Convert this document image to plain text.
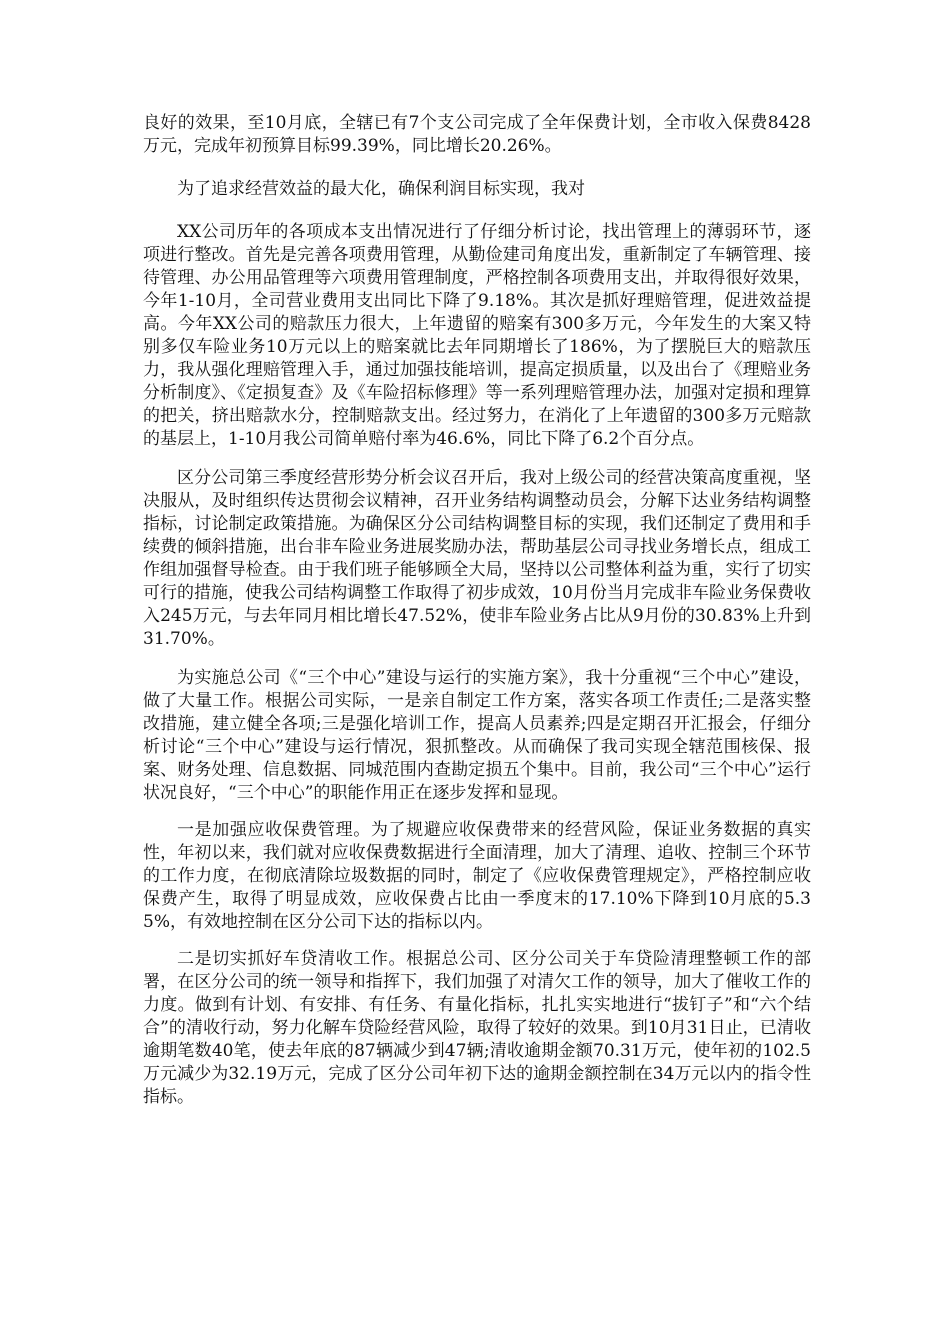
良好的效果，至10月底，全辖已有7个支公司完成了全年保费计划，全市收入保费8428万元，完成年初预算目标99.39%，同比增长20.26%。

为了追求经营效益的最大化，确保利润目标实现，我对

XX公司历年的各项成本支出情况进行了仔细分析讨论，找出管理上的薄弱环节，逐项进行整改。首先是完善各项费用管理，从勤俭建司角度出发，重新制定了车辆管理、接待管理、办公用品管理等六项费用管理制度，严格控制各项费用支出，并取得很好效果，今年1-10月，全司营业费用支出同比下降了9.18%。其次是抓好理赔管理，促进效益提高。今年XX公司的赔款压力很大，上年遗留的赔案有300多万元，今年发生的大案又特别多仅车险业务10万元以上的赔案就比去年同期增长了186%，为了摆脱巨大的赔款压力，我从强化理赔管理入手，通过加强技能培训，提高定损质量，以及出台了《理赔业务分析制度》、《定损复查》及《车险招标修理》等一系列理赔管理办法，加强对定损和理算的把关，挤出赔款水分，控制赔款支出。经过努力，在消化了上年遗留的300多万元赔款的基层上，1-10月我公司简单赔付率为46.6%，同比下降了6.2个百分点。

区分公司第三季度经营形势分析会议召开后，我对上级公司的经营决策高度重视，坚决服从，及时组织传达贯彻会议精神，召开业务结构调整动员会，分解下达业务结构调整指标，讨论制定政策措施。为确保区分公司结构调整目标的实现，我们还制定了费用和手续费的倾斜措施，出台非车险业务进展奖励办法，帮助基层公司寻找业务增长点，组成工作组加强督导检查。由于我们班子能够顾全大局，坚持以公司整体利益为重，实行了切实可行的措施，使我公司结构调整工作取得了初步成效，10月份当月完成非车险业务保费收入245万元，与去年同月相比增长47.52%，使非车险业务占比从9月份的30.83%上升到31.70%。

为实施总公司《“三个中心”建设与运行的实施方案》，我十分重视“三个中心”建设，做了大量工作。根据公司实际，一是亲自制定工作方案，落实各项工作责任;二是落实整改措施，建立健全各项;三是强化培训工作，提高人员素养;四是定期召开汇报会，仔细分析讨论“三个中心”建设与运行情况，狠抓整改。从而确保了我司实现全辖范围核保、报案、财务处理、信息数据、同城范围内查勘定损五个集中。目前，我公司“三个中心”运行状况良好，“三个中心”的职能作用正在逐步发挥和显现。

一是加强应收保费管理。为了规避应收保费带来的经营风险，保证业务数据的真实性，年初以来，我们就对应收保费数据进行全面清理，加大了清理、追收、控制三个环节的工作力度，在彻底清除垃圾数据的同时，制定了《应收保费管理规定》，严格控制应收保费产生，取得了明显成效，应收保费占比由一季度末的17.10%下降到10月底的5.35%，有效地控制在区分公司下达的指标以内。

二是切实抓好车贷清收工作。根据总公司、区分公司关于车贷险清理整顿工作的部署，在区分公司的统一领导和指挥下，我们加强了对清欠工作的领导，加大了催收工作的力度。做到有计划、有安排、有任务、有量化指标，扎扎实实地进行“拔钉子”和“六个结合”的清收行动，努力化解车贷险经营风险，取得了较好的效果。到10月31日止，已清收逾期笔数40笔，使去年底的87辆减少到47辆;清收逾期金额70.31万元，使年初的102.5万元减少为32.19万元，完成了区分公司年初下达的逾期金额控制在34万元以内的指令性指标。
